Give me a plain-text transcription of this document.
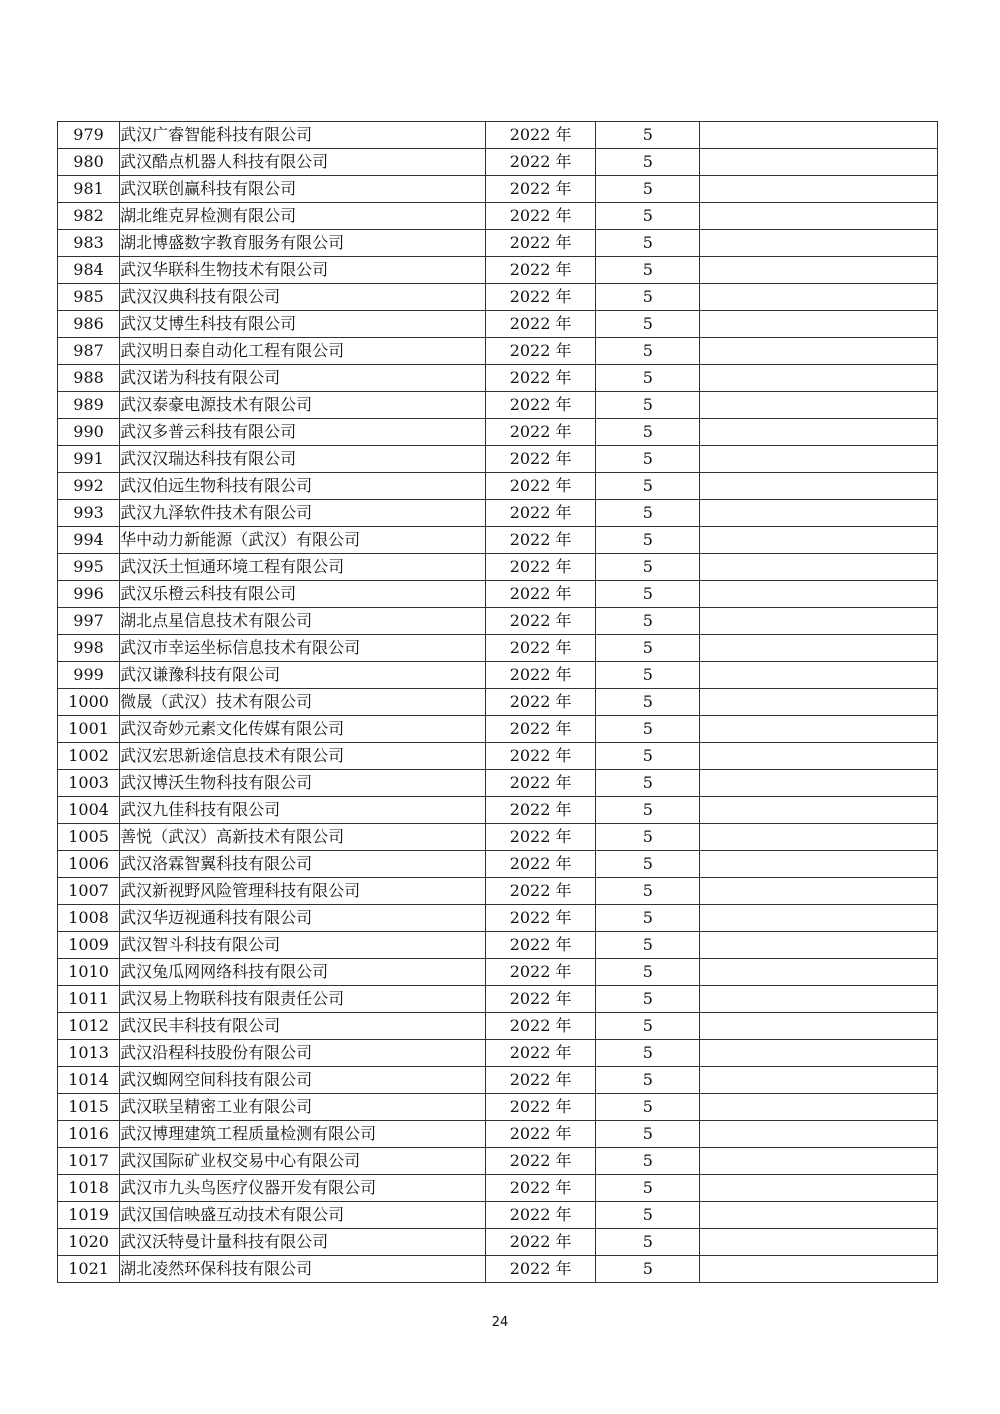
979	武汉广睿智能科技有限公司	2022 年	5	
980	武汉酷点机器人科技有限公司	2022 年	5	
981	武汉联创赢科技有限公司	2022 年	5	
982	湖北维克昇检测有限公司	2022 年	5	
983	湖北博盛数字教育服务有限公司	2022 年	5	
984	武汉华联科生物技术有限公司	2022 年	5	
985	武汉汉典科技有限公司	2022 年	5	
986	武汉艾博生科技有限公司	2022 年	5	
987	武汉明日泰自动化工程有限公司	2022 年	5	
988	武汉诺为科技有限公司	2022 年	5	
989	武汉泰豪电源技术有限公司	2022 年	5	
990	武汉多普云科技有限公司	2022 年	5	
991	武汉汉瑞达科技有限公司	2022 年	5	
992	武汉伯远生物科技有限公司	2022 年	5	
993	武汉九泽软件技术有限公司	2022 年	5	
994	华中动力新能源（武汉）有限公司	2022 年	5	
995	武汉沃土恒通环境工程有限公司	2022 年	5	
996	武汉乐橙云科技有限公司	2022 年	5	
997	湖北点星信息技术有限公司	2022 年	5	
998	武汉市幸运坐标信息技术有限公司	2022 年	5	
999	武汉谦豫科技有限公司	2022 年	5	
1000	微晟（武汉）技术有限公司	2022 年	5	
1001	武汉奇妙元素文化传媒有限公司	2022 年	5	
1002	武汉宏思新途信息技术有限公司	2022 年	5	
1003	武汉博沃生物科技有限公司	2022 年	5	
1004	武汉九佳科技有限公司	2022 年	5	
1005	善悦（武汉）高新技术有限公司	2022 年	5	
1006	武汉洛霖智翼科技有限公司	2022 年	5	
1007	武汉新视野风险管理科技有限公司	2022 年	5	
1008	武汉华迈视通科技有限公司	2022 年	5	
1009	武汉智斗科技有限公司	2022 年	5	
1010	武汉兔瓜网网络科技有限公司	2022 年	5	
1011	武汉易上物联科技有限责任公司	2022 年	5	
1012	武汉民丰科技有限公司	2022 年	5	
1013	武汉沿程科技股份有限公司	2022 年	5	
1014	武汉蜘网空间科技有限公司	2022 年	5	
1015	武汉联呈精密工业有限公司	2022 年	5	
1016	武汉博理建筑工程质量检测有限公司	2022 年	5	
1017	武汉国际矿业权交易中心有限公司	2022 年	5	
1018	武汉市九头鸟医疗仪器开发有限公司	2022 年	5	
1019	武汉国信映盛互动技术有限公司	2022 年	5	
1020	武汉沃特曼计量科技有限公司	2022 年	5	
1021	湖北凌然环保科技有限公司	2022 年	5	
24
